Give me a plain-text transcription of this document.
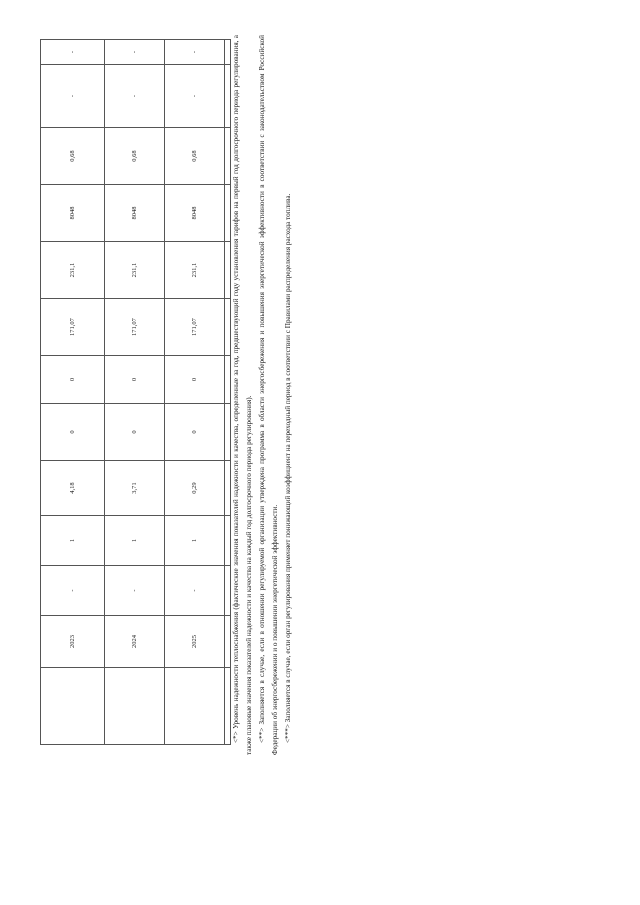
	2023	-	1	4,18	0	0	171,07	231,1	8048	0,68	-	-
	2024	-	1	3,71	0	0	171,07	231,1	8048	0,68	-	-
	2025	-	1	0,29	0	0	171,07	231,1	8048	0,68	-	-
													<*> Уровень надежности теплоснабжения (фактические значения показателей надежности и качества, определенные за год, предшествующий году установления тарифов на первый год долгосрочного периода регулирования, а также плановые значения показателей надежности и качества на каждый год долгосрочного периода регулирования). <**> Заполняется в случае, если в отношении регулируемой организации утверждена программа в области энергосбережения и повышения энергетической эффективности в соответствии с законодательством Российской Федерации об энергосбережении и о повышении энергетической эффективности. <***> Заполняется в случае, если орган регулирования применяет понижающий коэффициент на переходный период в соответствии с Правилами распределения расхода топлива.
